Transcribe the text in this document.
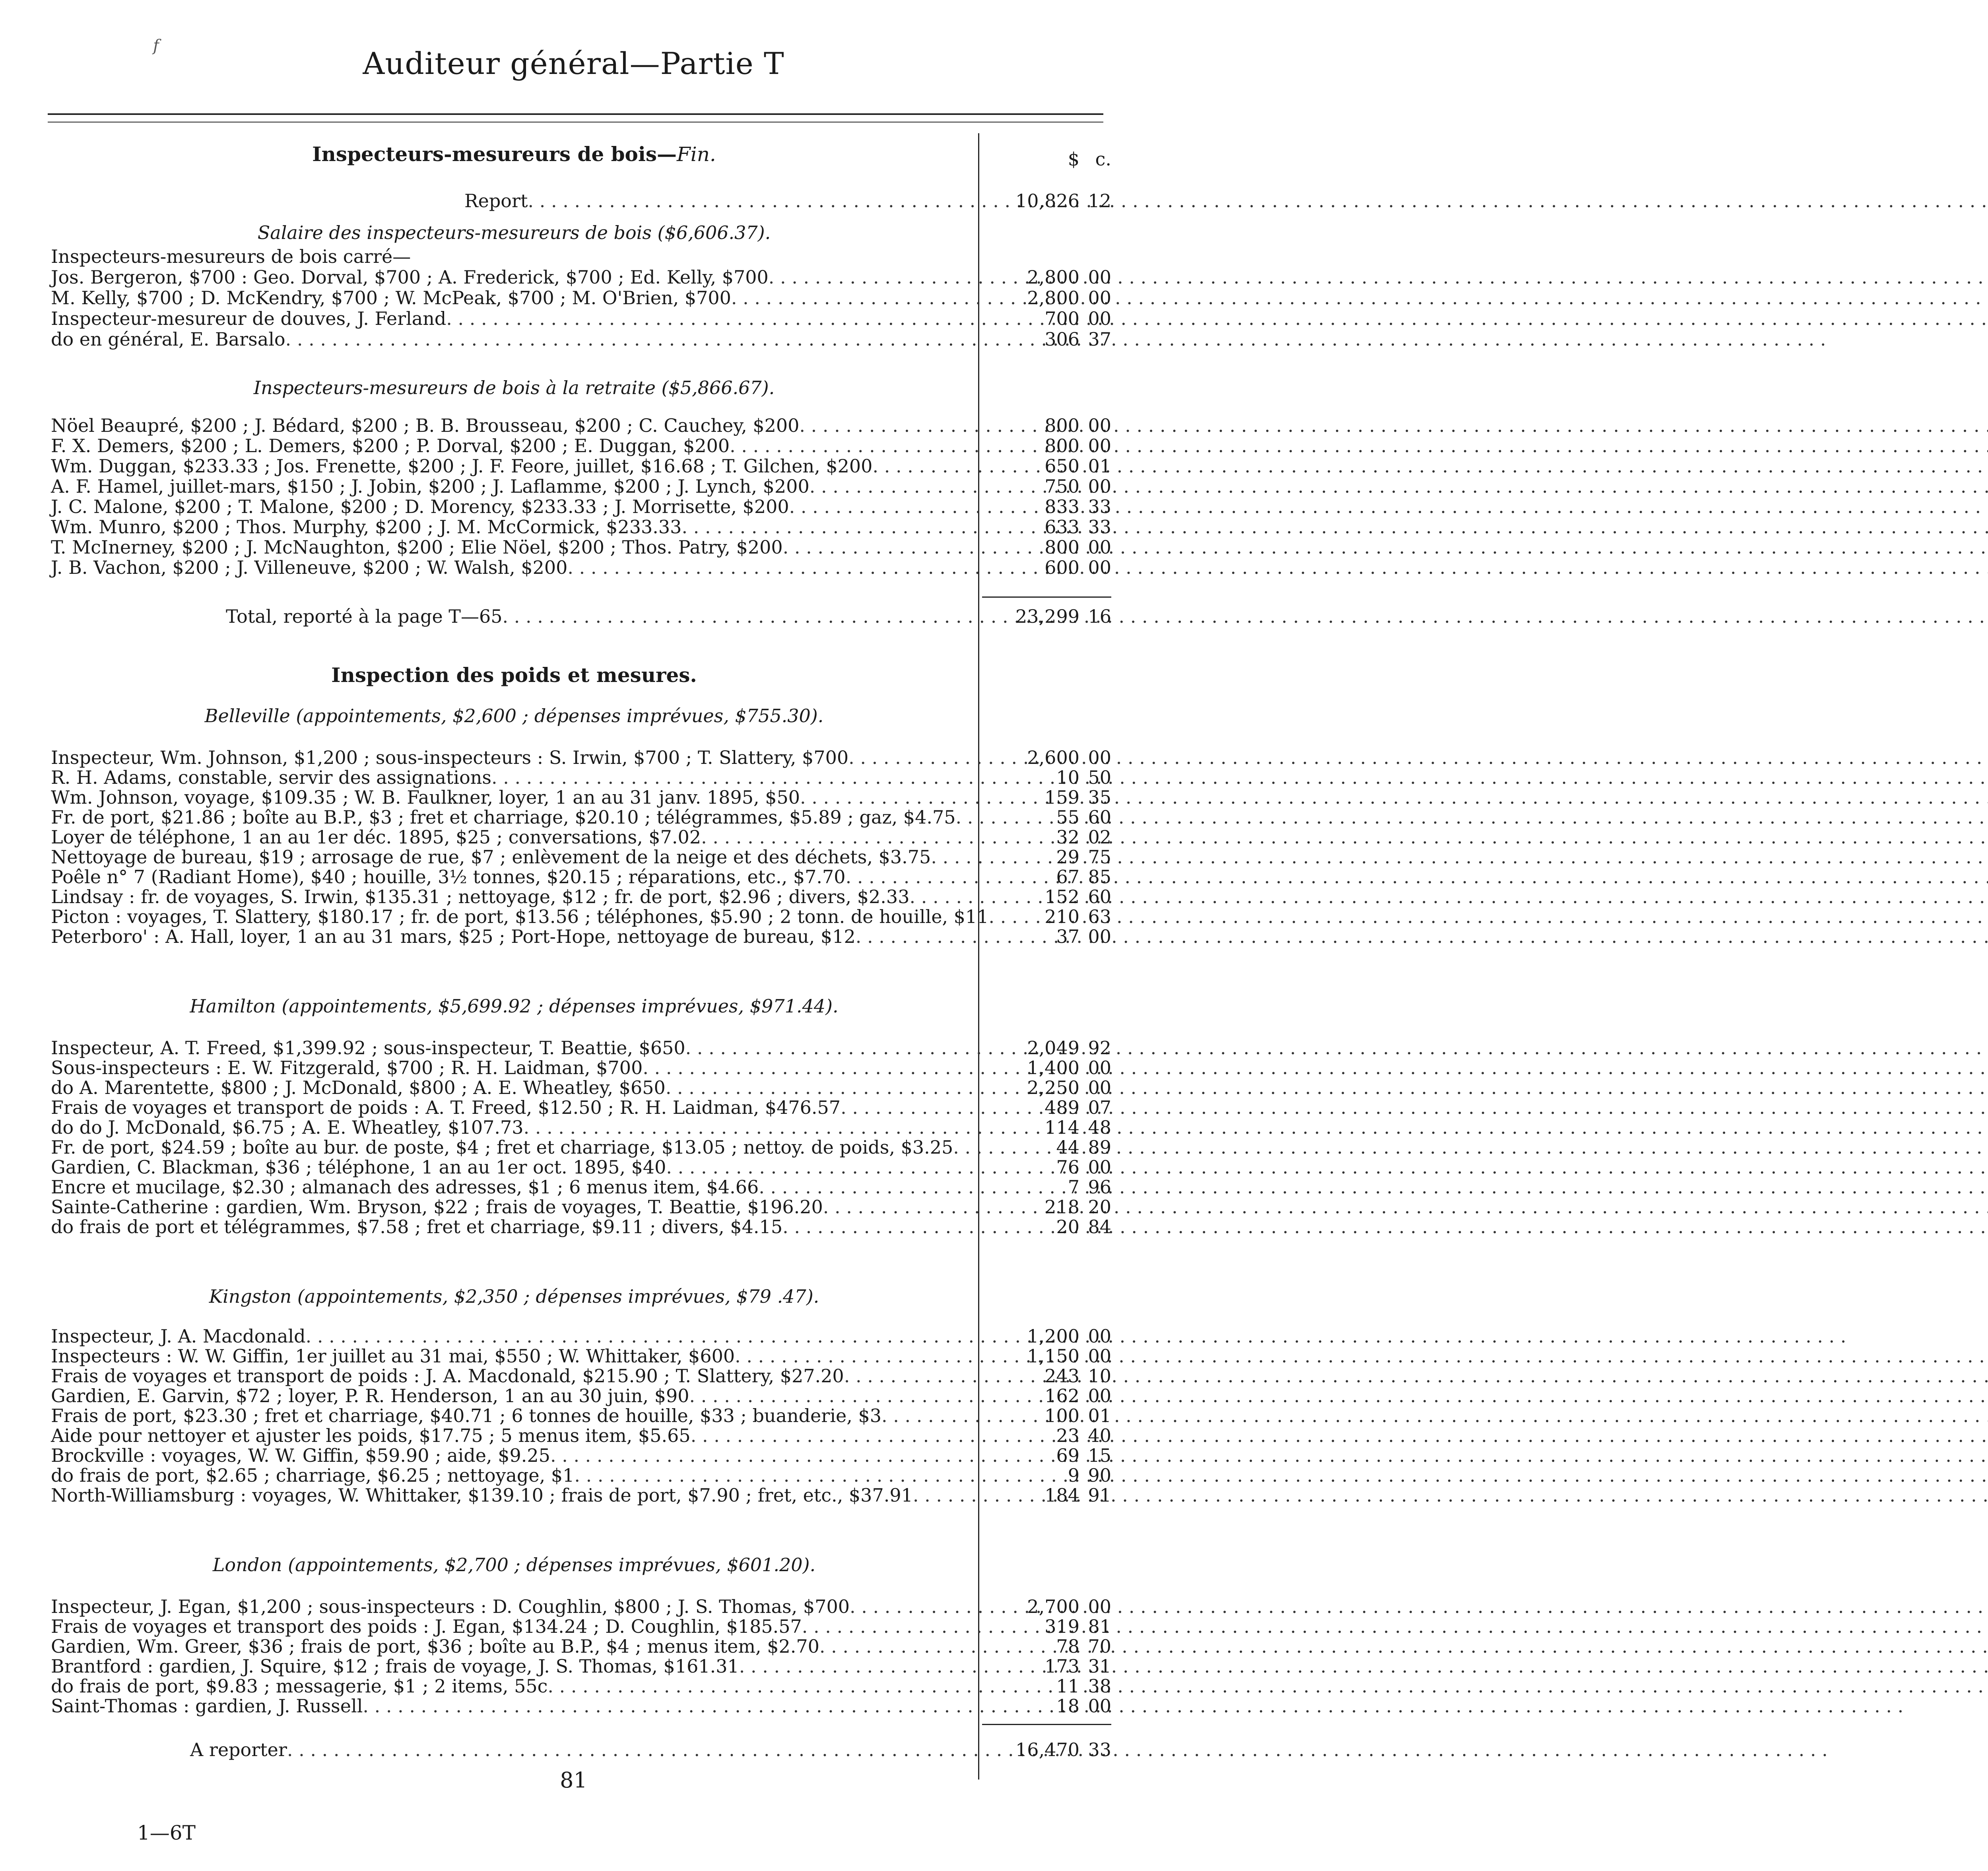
f	Auditeur général—Partie T
$ c.
Inspecteurs-mesureurs de bois—Fin.
Report . . .	10,826 12
Salaire des inspecteurs-mesureurs de bois ($6,606.37).
Inspecteurs-mesureurs de bois carré—
Jos. Bergeron, $700 : Geo. Dorval, $700 ; A. Frederick, $700 ; Ed. Kelly, $700 . . .	2,800 00
M. Kelly, $700 ; D. McKendry, $700 ; W. McPeak, $700 ; M. O'Brien, $700 . . .	2,800 00
Inspecteur-mesureur de douves, J. Ferland . . .	700 00
do en général, E. Barsalo . . .	306 37
Inspecteurs-mesureurs de bois à la retraite ($5,866.67).
Nöel Beaupré, $200 ; J. Bédard, $200 ; B. B. Brousseau, $200 ; C. Cauchey, $200 . . .	800 00
F. X. Demers, $200 ; L. Demers, $200 ; P. Dorval, $200 ; E. Duggan, $200 . . .	800 00
Wm. Duggan, $233.33 ; Jos. Frenette, $200 ; J. F. Feore, juillet, $16.68 ; T. Gilchen, $200 . . .	650 01
A. F. Hamel, juillet-mars, $150 ; J. Jobin, $200 ; J. Laflamme, $200 ; J. Lynch, $200 . . .	750 00
J. C. Malone, $200 ; T. Malone, $200 ; D. Morency, $233.33 ; J. Morrisette, $200 . . .	833 33
Wm. Munro, $200 ; Thos. Murphy, $200 ; J. M. McCormick, $233.33 . . .	633 33
T. McInerney, $200 ; J. McNaughton, $200 ; Elie Nöel, $200 ; Thos. Patry, $200 . . .	800 00
J. B. Vachon, $200 ; J. Villeneuve, $200 ; W. Walsh, $200 . . .	600 00
Total, reporté à la page T—65 . . .	23,299 16
Inspection des poids et mesures.
Belleville (appointements, $2,600 ; dépenses imprévues, $755.30).
Inspecteur, Wm. Johnson, $1,200 ; sous-inspecteurs : S. Irwin, $700 ; T. Slattery, $700 . . .	2,600 00
R. H. Adams, constable, servir des assignations . . .	10 50
Wm. Johnson, voyage, $109.35 ; W. B. Faulkner, loyer, 1 an au 31 janv. 1895, $50 . . .	159 35
Fr. de port, $21.86 ; boîte au B.P., $3 ; fret et charriage, $20.10 ; télégrammes, $5.89 ; gaz, $4.75 . . .	55 60
Loyer de téléphone, 1 an au 1er déc. 1895, $25 ; conversations, $7.02 . . .	32 02
Nettoyage de bureau, $19 ; arrosage de rue, $7 ; enlèvement de la neige et des déchets, $3.75 . . .	29 75
Poêle n° 7 (Radiant Home), $40 ; houille, 3½ tonnes, $20.15 ; réparations, etc., $7.70 . . .	67 85
Lindsay : fr. de voyages, S. Irwin, $135.31 ; nettoyage, $12 ; fr. de port, $2.96 ; divers, $2.33 . . .	152 60
Picton : voyages, T. Slattery, $180.17 ; fr. de port, $13.56 ; téléphones, $5.90 ; 2 tonn. de houille, $11 . . .	210 63
Peterboro' : A. Hall, loyer, 1 an au 31 mars, $25 ; Port-Hope, nettoyage de bureau, $12 . . .	37 00
Hamilton (appointements, $5,699.92 ; dépenses imprévues, $971.44).
Inspecteur, A. T. Freed, $1,399.92 ; sous-inspecteur, T. Beattie, $650 . . .	2,049 92
Sous-inspecteurs : E. W. Fitzgerald, $700 ; R. H. Laidman, $700 . . .	1,400 00
do A. Marentette, $800 ; J. McDonald, $800 ; A. E. Wheatley, $650 . . .	2,250 00
Frais de voyages et transport de poids : A. T. Freed, $12.50 ; R. H. Laidman, $476.57 . . .	489 07
do do J. McDonald, $6.75 ; A. E. Wheatley, $107.73 . . .	114 48
Fr. de port, $24.59 ; boîte au bur. de poste, $4 ; fret et charriage, $13.05 ; nettoy. de poids, $3.25 . . .	44 89
Gardien, C. Blackman, $36 ; téléphone, 1 an au 1er oct. 1895, $40 . . .	76 00
Encre et mucilage, $2.30 ; almanach des adresses, $1 ; 6 menus item, $4.66 . . .	7 96
Sainte-Catherine : gardien, Wm. Bryson, $22 ; frais de voyages, T. Beattie, $196.20 . . .	218 20
do frais de port et télégrammes, $7.58 ; fret et charriage, $9.11 ; divers, $4.15 . . .	20 84
Kingston (appointements, $2,350 ; dépenses imprévues, $79 .47).
Inspecteur, J. A. Macdonald . . .	1,200 00
Inspecteurs : W. W. Giffin, 1er juillet au 31 mai, $550 ; W. Whittaker, $600 . . .	1,150 00
Frais de voyages et transport de poids : J. A. Macdonald, $215.90 ; T. Slattery, $27.20 . . .	243 10
Gardien, E. Garvin, $72 ; loyer, P. R. Henderson, 1 an au 30 juin, $90 . . .	162 00
Frais de port, $23.30 ; fret et charriage, $40.71 ; 6 tonnes de houille, $33 ; buanderie, $3 . . .	100 01
Aide pour nettoyer et ajuster les poids, $17.75 ; 5 menus item, $5.65 . . .	23 40
Brockville : voyages, W. W. Giffin, $59.90 ; aide, $9.25 . . .	69 15
do frais de port, $2.65 ; charriage, $6.25 ; nettoyage, $1 . . .	9 90
North-Williamsburg : voyages, W. Whittaker, $139.10 ; frais de port, $7.90 ; fret, etc., $37.91 . . .	184 91
London (appointements, $2,700 ; dépenses imprévues, $601.20).
Inspecteur, J. Egan, $1,200 ; sous-inspecteurs : D. Coughlin, $800 ; J. S. Thomas, $700 . . .	2,700 00
Frais de voyages et transport des poids : J. Egan, $134.24 ; D. Coughlin, $185.57 . . .	319 81
Gardien, Wm. Greer, $36 ; frais de port, $36 ; boîte au B.P., $4 ; menus item, $2.70 . . .	78 70
Brantford : gardien, J. Squire, $12 ; frais de voyage, J. S. Thomas, $161.31 . . .	173 31
do frais de port, $9.83 ; messagerie, $1 ; 2 items, 55c . . .	11 38
Saint-Thomas : gardien, J. Russell . . .	18 00
A reporter . . .	16,470 33
81
1—6T
